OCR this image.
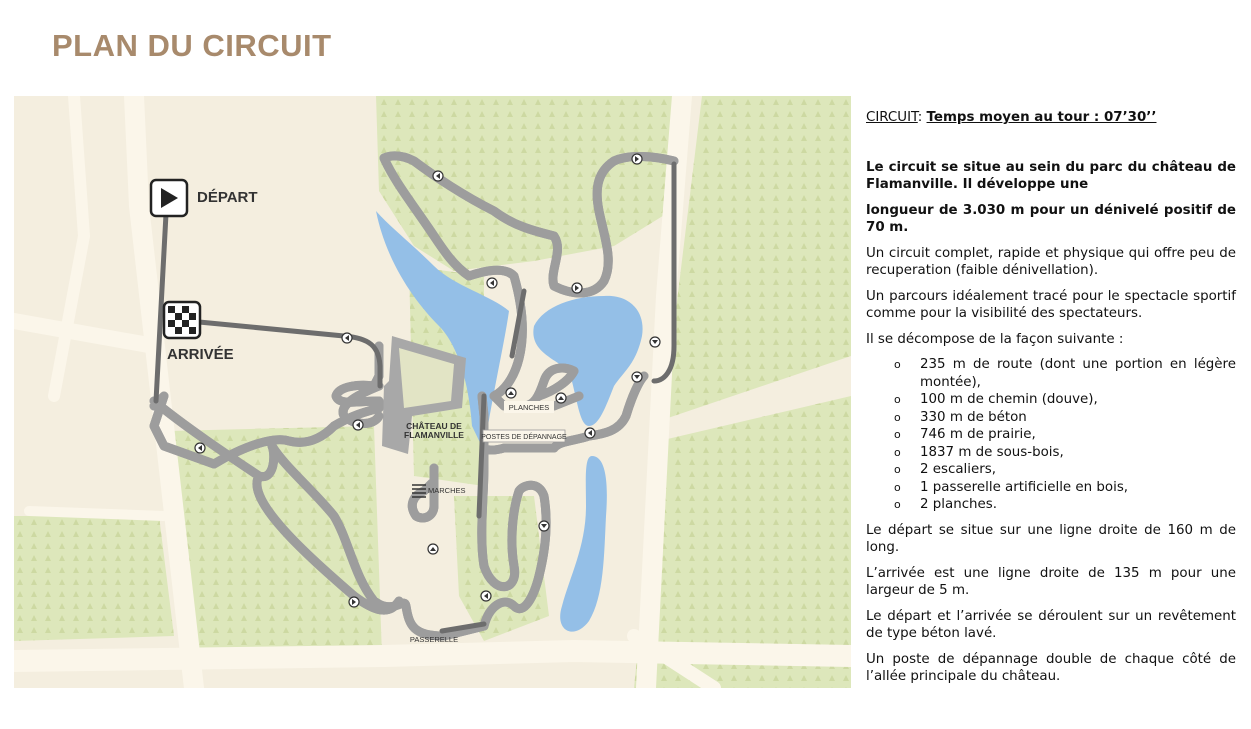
PLAN DU CIRCUIT
DÉPART
ARRIVÉE
CHÂTEAU DE
FLAMANVILLE
PLANCHES
POSTES DE DÉPANNAGE
MARCHES
PASSERELLE

CIRCUIT: Temps moyen au tour : 07’30’’

Le circuit se situe au sein du parc du château de Flamanville. Il développe une

longueur de 3.030 m pour un dénivelé positif de 70 m.

Un circuit complet, rapide et physique qui offre peu de recuperation (faible dénivellation).

Un parcours idéalement tracé pour le spectacle sportif comme pour la visibilité des spectateurs.

Il se décompose de la façon suivante :

o 235 m de route (dont une portion en légère montée),
o 100 m de chemin (douve),
o 330 m de béton
o 746 m de prairie,
o 1837 m de sous-bois,
o 2 escaliers,
o 1 passerelle artificielle en bois,
o 2 planches.

Le départ se situe sur une ligne droite de 160 m de long.

L’arrivée est une ligne droite de 135 m pour une largeur de 5 m.

Le départ et l’arrivée se déroulent sur un revêtement de type béton lavé.

Un poste de dépannage double de chaque côté de l’allée principale du château.
